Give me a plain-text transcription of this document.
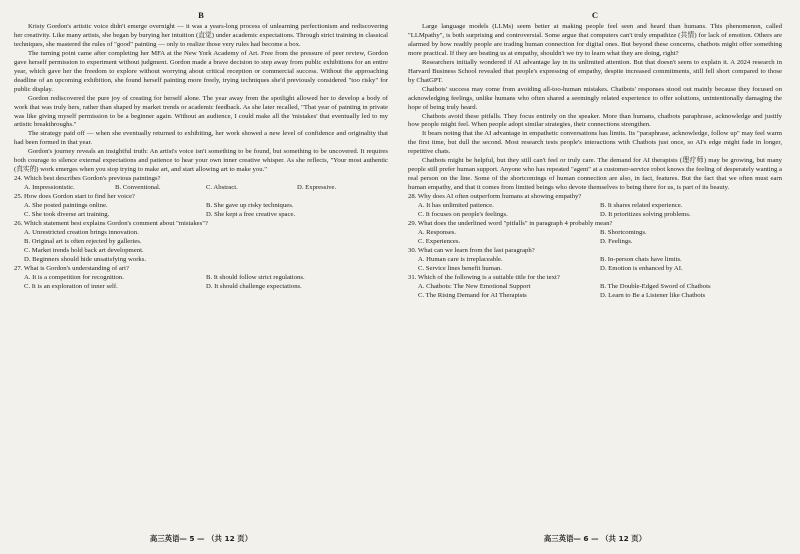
B

Kristy Gordon's artistic voice didn't emerge overnight — it was a years-long process of unlearning perfectionism and rediscovering her creativity. Like many artists, she began by burying her intuition (直觉) under academic expectations. Through strict training in classical techniques, she mastered the rules of "good" painting — only to realize those very rules had become a box.

The turning point came after completing her MFA at the New York Academy of Art. Free from the pressure of peer review, Gordon gave herself permission to experiment without judgment. Gordon made a brave decision to step away from public exhibitions for an entire year, which gave her the freedom to explore without worrying about critical reception or commercial success. Without the approaching deadline of an upcoming exhibition, she found herself painting more freely, trying techniques she'd previously considered "too risky" for public display.

Gordon rediscovered the pure joy of creating for herself alone. The year away from the spotlight allowed her to develop a body of work that was truly hers, rather than shaped by market trends or academic feedback. As she later recalled, "That year of painting in private was like giving myself permission to be a beginner again. Without an audience, I could make all the 'mistakes' that eventually led to my artistic breakthroughs."

The strategy paid off — when she eventually returned to exhibiting, her work showed a new level of confidence and originality that had been formed in that year.

Gordon's journey reveals an insightful truth: An artist's voice isn't something to be found, but something to be uncovered. It requires both courage to silence external expectations and patience to hear your own inner creative whisper. As she reflects, "Your most authentic (真实的) work emerges when you stop trying to make art, and start allowing art to make you."

24. Which best describes Gordon's previous paintings?
A. Impressionistic.	B. Conventional.	C. Abstract.	D. Expressive.
25. How does Gordon start to find her voice?
A. She posted paintings online.	B. She gave up risky techniques.
C. She took diverse art training.	D. She kept a free creative space.
26. Which statement best explains Gordon's comment about "mistakes"?
A. Unrestricted creation brings innovation.
B. Original art is often rejected by galleries.
C. Market trends hold back art development.
D. Beginners should hide unsatisfying works.
27. What is Gordon's understanding of art?
A. It is a competition for recognition.	B. It should follow strict regulations.
C. It is an exploration of inner self.	D. It should challenge expectations.
高三英语— 5 — （共 12 页）
C

Large language models (LLMs) seem better at making people feel seen and heard than humans. This phenomenon, called "LLMpathy", is both surprising and controversial. Some argue that computers can't truly empathize (共情) for lack of emotion. Others are alarmed by how readily people are trading human connection for digital ones. But beyond these concerns, chatbots might offer something more practical. If they are beating us at empathy, shouldn't we try to learn what they are doing, right?

Researchers initially wondered if AI advantage lay in its unlimited attention. But that doesn't seem to explain it. A 2024 research in Harvard Business School revealed that people's expressing of empathy, despite increased commitments, still fell short compared to those by ChatGPT.

Chatbots' success may come from avoiding all-too-human mistakes. Chatbots' responses stood out mainly because they focused on acknowledging feelings, unlike humans who often shared a seemingly related experience to offer solutions, unintentionally damaging the hope of being truly heard.

Chatbots avoid these pitfalls. They focus entirely on the speaker. More than humans, chatbots paraphrase, acknowledge and justify how people might feel. When people adopt similar strategies, their connections strengthen.

It bears noting that the AI advantage in empathetic conversations has limits. Its "paraphrase, acknowledge, follow up" may feel warm the first time, but dull the second. Most research tests people's interactions with Chatbots just once, so AI's edge might fade in longer, repetitive chats.

Chatbots might be helpful, but they still can't feel or truly care. The demand for AI therapists (理疗师) may be growing, but many people still prefer human support. Anyone who has repeated "agent" at a customer-service robot knows the feeling of desperately wanting a real person on the line. Some of the shortcomings of human connection are also, in fact, features. But the fact that we often must earn human empathy, and that it comes from limited beings who devote themselves to being there for us, is part of its beauty.

28. Why does AI often outperform humans at showing empathy?
A. It has unlimited patience.	B. It shares related experience.
C. It focuses on people's feelings.	D. It prioritizes solving problems.
29. What does the underlined word "pitfalls" in paragraph 4 probably mean?
A. Responses.	B. Shortcomings.
C. Experiences.	D. Feelings.
30. What can we learn from the last paragraph?
A. Human care is irreplaceable.	B. In-person chats have limits.
C. Service lines benefit human.	D. Emotion is enhanced by AI.
31. Which of the following is a suitable title for the text?
A. Chatbots: The New Emotional Support	B. The Double-Edged Sword of Chatbots
C. The Rising Demand for AI Therapists	D. Learn to Be a Listener like Chatbots
高三英语— 6 — （共 12 页）
